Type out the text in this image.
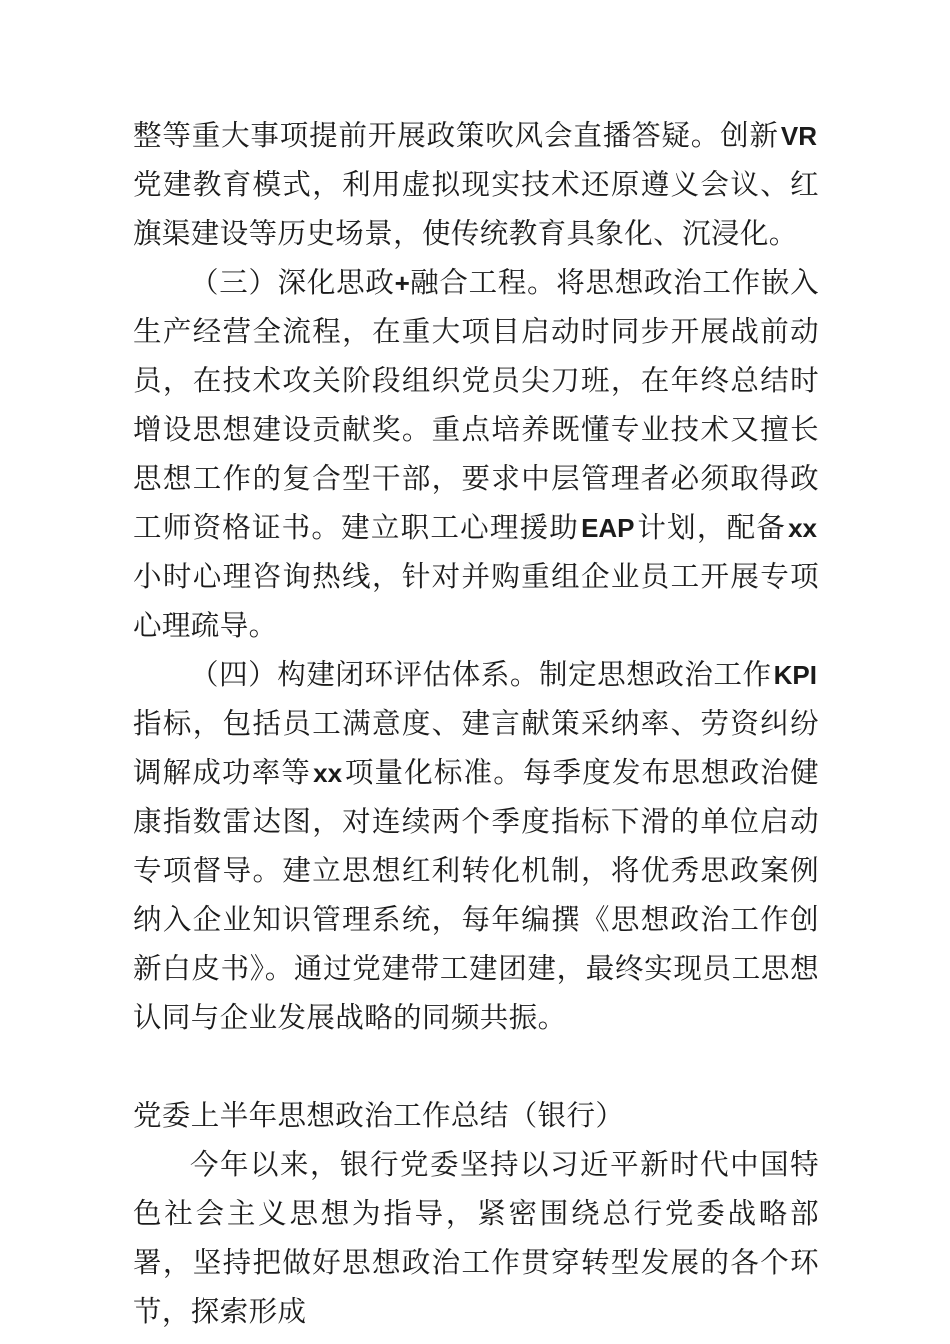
整等重大事项提前开展政策吹风会直播答疑。创新VR党建教育模式，利用虚拟现实技术还原遵义会议、红旗渠建设等历史场景，使传统教育具象化、沉浸化。

（三）深化思政+融合工程。将思想政治工作嵌入生产经营全流程，在重大项目启动时同步开展战前动员，在技术攻关阶段组织党员尖刀班，在年终总结时增设思想建设贡献奖。重点培养既懂专业技术又擅长思想工作的复合型干部，要求中层管理者必须取得政工师资格证书。建立职工心理援助EAP计划，配备xx小时心理咨询热线，针对并购重组企业员工开展专项心理疏导。

（四）构建闭环评估体系。制定思想政治工作KPI指标，包括员工满意度、建言献策采纳率、劳资纠纷调解成功率等xx项量化标准。每季度发布思想政治健康指数雷达图，对连续两个季度指标下滑的单位启动专项督导。建立思想红利转化机制，将优秀思政案例纳入企业知识管理系统，每年编撰《思想政治工作创新白皮书》。通过党建带工建团建，最终实现员工思想认同与企业发展战略的同频共振。

党委上半年思想政治工作总结（银行）

今年以来，银行党委坚持以习近平新时代中国特色社会主义思想为指导，紧密围绕总行党委战略部署，坚持把做好思想政治工作贯穿转型发展的各个环节，探索形成
